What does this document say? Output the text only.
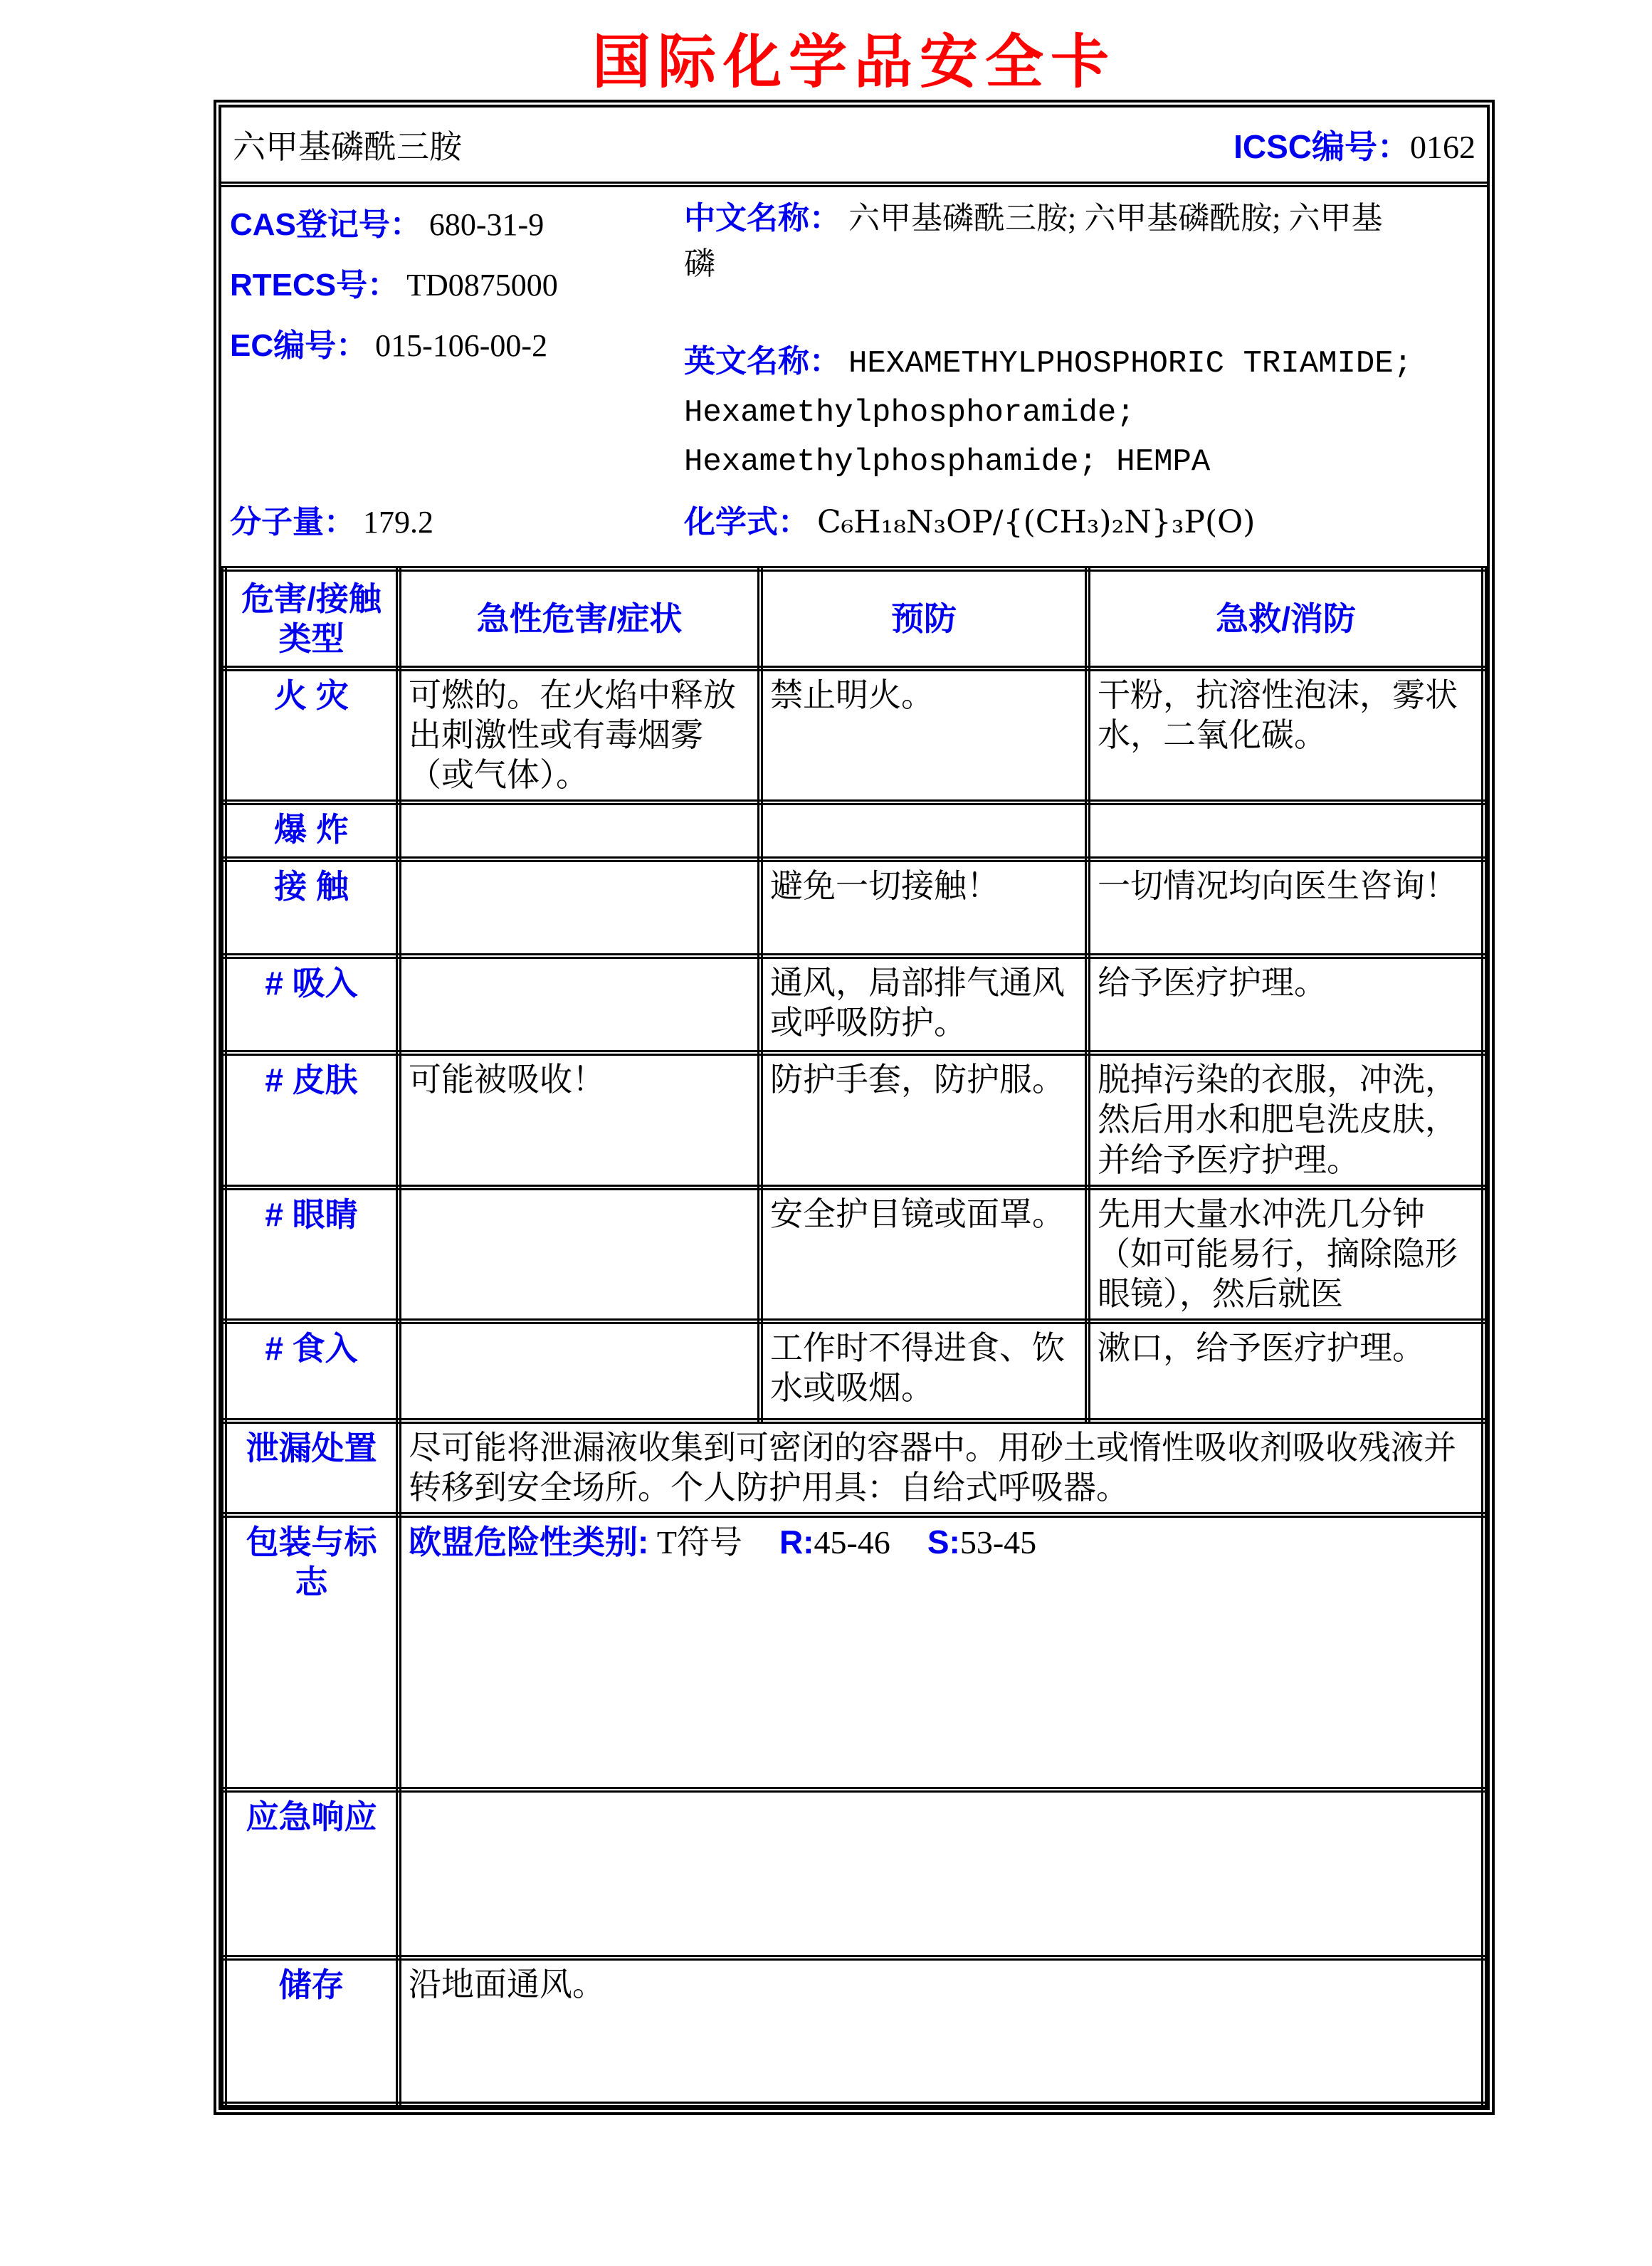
国际化学品安全卡
六甲基磷酰三胺	ICSC编号：0162
CAS登记号： 680-31-9
RTECS号： TD0875000
EC编号： 015-106-00-2
中文名称： 六甲基磷酰三胺; 六甲基磷酰胺; 六甲基磷
英文名称： HEXAMETHYLPHOSPHORIC TRIAMIDE; Hexamethylphosphoramide; Hexamethylphosphamide; HEMPA
分子量： 179.2	化学式： C₆H₁₈N₃OP/{(CH₃)₂N}₃P(O)
危害/接触类型	急性危害/症状	预防	急救/消防
火 灾	可燃的。在火焰中释放出刺激性或有毒烟雾（或气体）。	禁止明火。	干粉，抗溶性泡沫，雾状水，二氧化碳。
爆 炸			
接 触		避免一切接触！	一切情况均向医生咨询！
# 吸入		通风，局部排气通风或呼吸防护。	给予医疗护理。
# 皮肤	可能被吸收！	防护手套，防护服。	脱掉污染的衣服，冲洗，然后用水和肥皂洗皮肤，并给予医疗护理。
# 眼睛		安全护目镜或面罩。	先用大量水冲洗几分钟（如可能易行，摘除隐形眼镜），然后就医
# 食入		工作时不得进食、饮水或吸烟。	漱口，给予医疗护理。
泄漏处置	尽可能将泄漏液收集到可密闭的容器中。用砂土或惰性吸收剂吸收残液并转移到安全场所。个人防护用具：自给式呼吸器。		
包装与标志	欧盟危险性类别: T符号 R:45-46 S:53-45		
应急响应			
储存	沿地面通风。		
